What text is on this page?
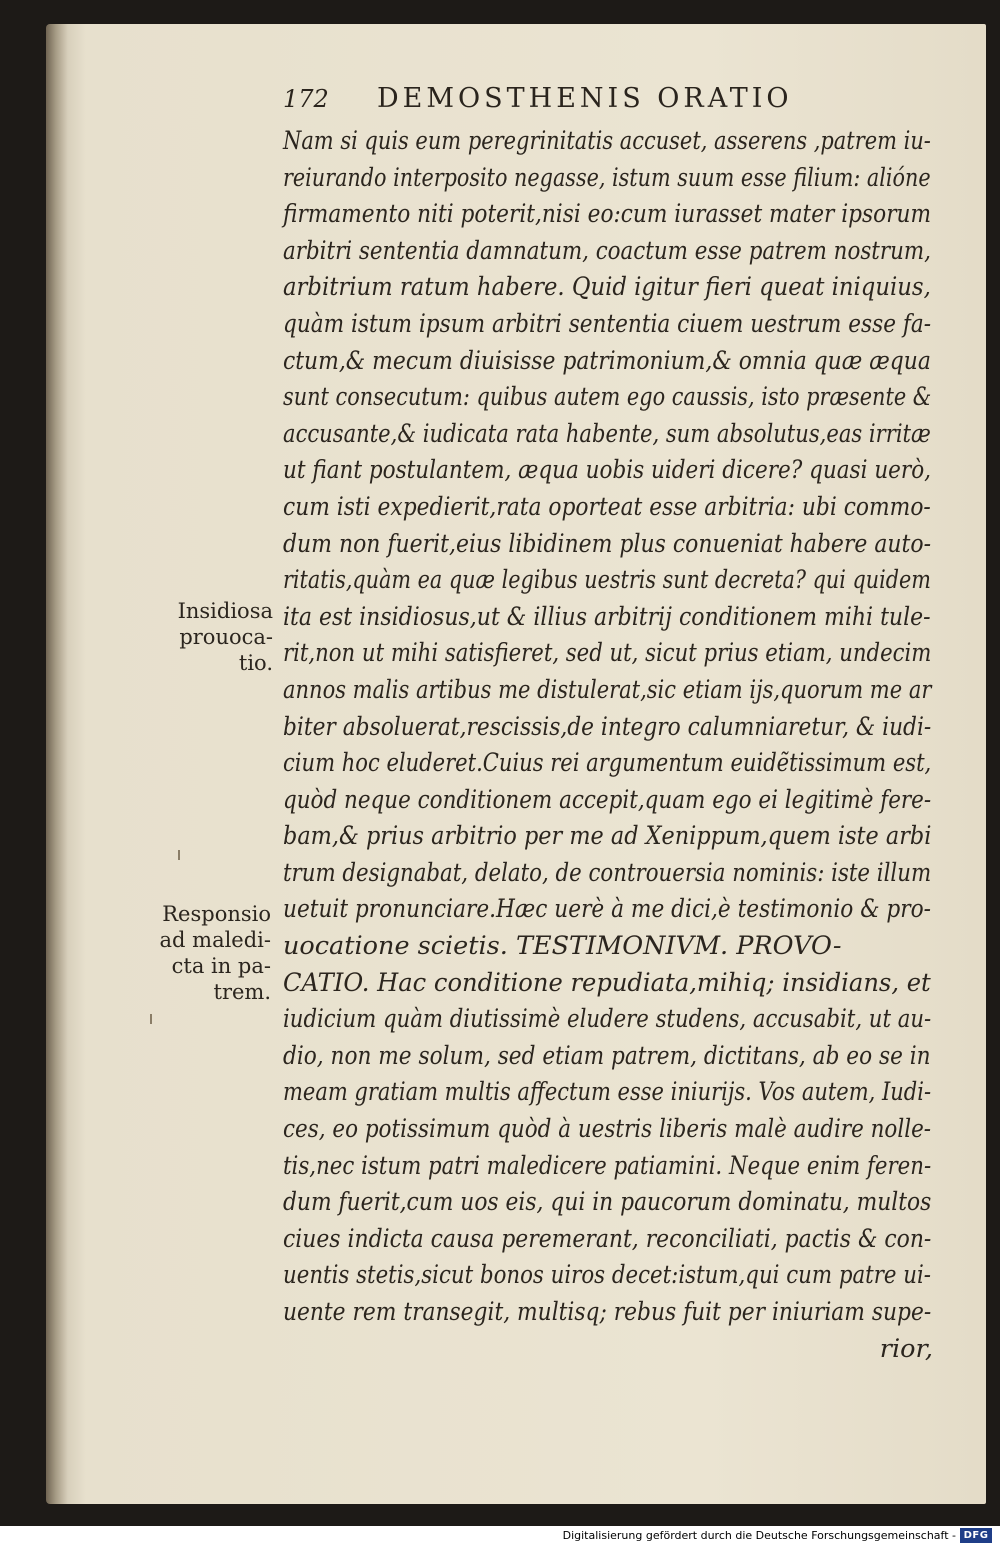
172 DEMOSTHENIS ORATIO
Nam si quis eum peregrinitatis accuset, asserens ,patrem iu-
reiurando interposito negasse, istum suum esse filium: alióne
firmamento niti poterit,nisi eo:cum iurasset mater ipsorum
arbitri sententia damnatum, coactum esse patrem nostrum,
arbitrium ratum habere. Quid igitur fieri queat iniquius,
quàm istum ipsum arbitri sententia ciuem uestrum esse fa-
ctum,& mecum diuisisse patrimonium,& omnia quæ æqua
sunt consecutum: quibus autem ego caussis, isto præsente &
accusante,& iudicata rata habente, sum absolutus,eas irritæ
ut fiant postulantem, æqua uobis uideri dicere? quasi uerò,
cum isti expedierit,rata oporteat esse arbitria: ubi commo-
dum non fuerit,eius libidinem plus conueniat habere auto-
ritatis,quàm ea quæ legibus uestris sunt decreta? qui quidem
ita est insidiosus,ut & illius arbitrij conditionem mihi tule-
rit,non ut mihi satisfieret, sed ut, sicut prius etiam, undecim
annos malis artibus me distulerat,sic etiam ijs,quorum me ar
biter absoluerat,rescissis,de integro calumniaretur, & iudi-
cium hoc eluderet.Cuius rei argumentum euidẽtissimum est,
quòd neque conditionem accepit,quam ego ei legitimè fere-
bam,& prius arbitrio per me ad Xenippum,quem iste arbi
trum designabat, delato, de controuersia nominis: iste illum
uetuit pronunciare.Hæc uerè à me dici,è testimonio & pro-
uocatione scietis. TESTIMONIVM. PROVO-
CATIO. Hac conditione repudiata,mihiq; insidians, et
iudicium quàm diutissimè eludere studens, accusabit, ut au-
dio, non me solum, sed etiam patrem, dictitans, ab eo se in
meam gratiam multis affectum esse iniurijs. Vos autem, Iudi-
ces, eo potissimum quòd à uestris liberis malè audire nolle-
tis,nec istum patri maledicere patiamini. Neque enim feren-
dum fuerit,cum uos eis, qui in paucorum dominatu, multos
ciues indicta causa peremerant, reconciliati, pactis & con-
uentis stetis,sicut bonos uiros decet:istum,qui cum patre ui-
uente rem transegit, multisq; rebus fuit per iniuriam supe-
rior,
Insidiosa
prouoca-
tio.
Responsio
ad maledi-
cta in pa-
trem.
Digitalisierung gefördert durch die Deutsche Forschungsgemeinschaft - DFG
